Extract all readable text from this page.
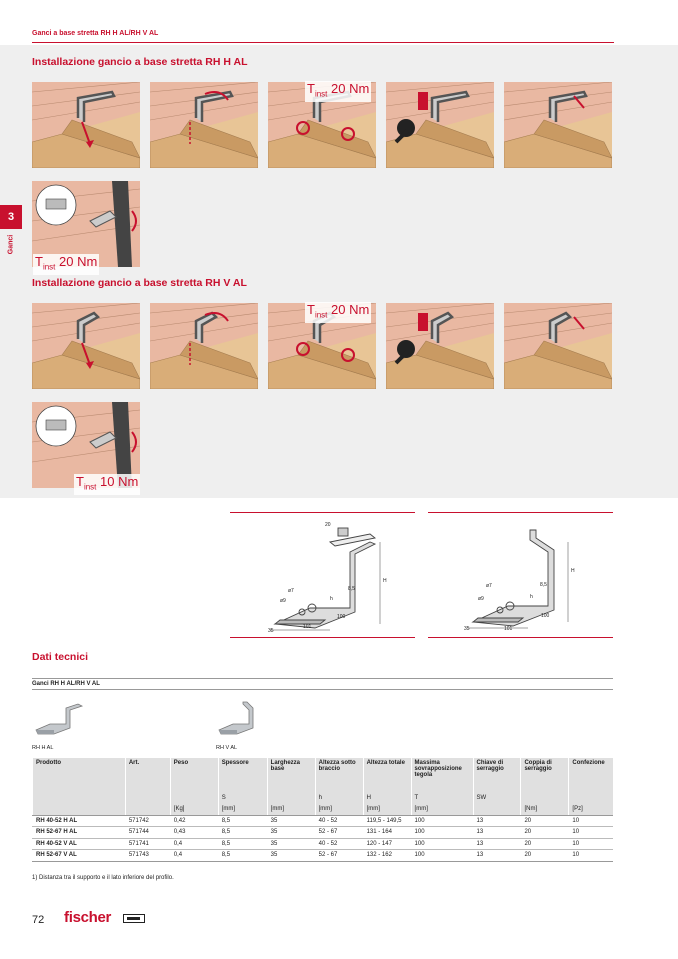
Ganci a base stretta RH H AL/RH V AL
3
Ganci
Installazione gancio a base stretta RH H AL
$T_{inst}$ 20 Nm
$T_{inst}$ 20 Nm
Installazione gancio a base stretta RH V AL
$T_{inst}$ 20 Nm
$T_{inst}$ 10 Nm
20
H
ø7
ø9
8,5
h
100
101
35
H
ø7
ø9
8,5
h
100
101
35
Dati tecnici
Ganci RH H AL/RH V AL
RH H AL	RH V AL
Prodotto	Art.	Peso	Spessore	Larghezza base	Altezza sotto braccio	Altezza totale	Massima sovrapposizione tegola	Chiave di serraggio	Coppia di serraggio	Confezione
			S		h	H	T	SW		
		[Kg]	[mm]	[mm]	[mm]	[mm]	[mm]		[Nm]	[Pz]
RH 40-52 H AL	571742	0,42	8,5	35	40 - 52	119,5 - 149,5	100	13	20	10
RH 52-67 H AL	571744	0,43	8,5	35	52 - 67	131 - 164	100	13	20	10
RH 40-52 V AL	571741	0,4	8,5	35	40 - 52	120 - 147	100	13	20	10
RH 52-67 V AL	571743	0,4	8,5	35	52 - 67	132 - 162	100	13	20	10
1) Distanza tra il supporto e il lato inferiore del profilo.
72 fischer
